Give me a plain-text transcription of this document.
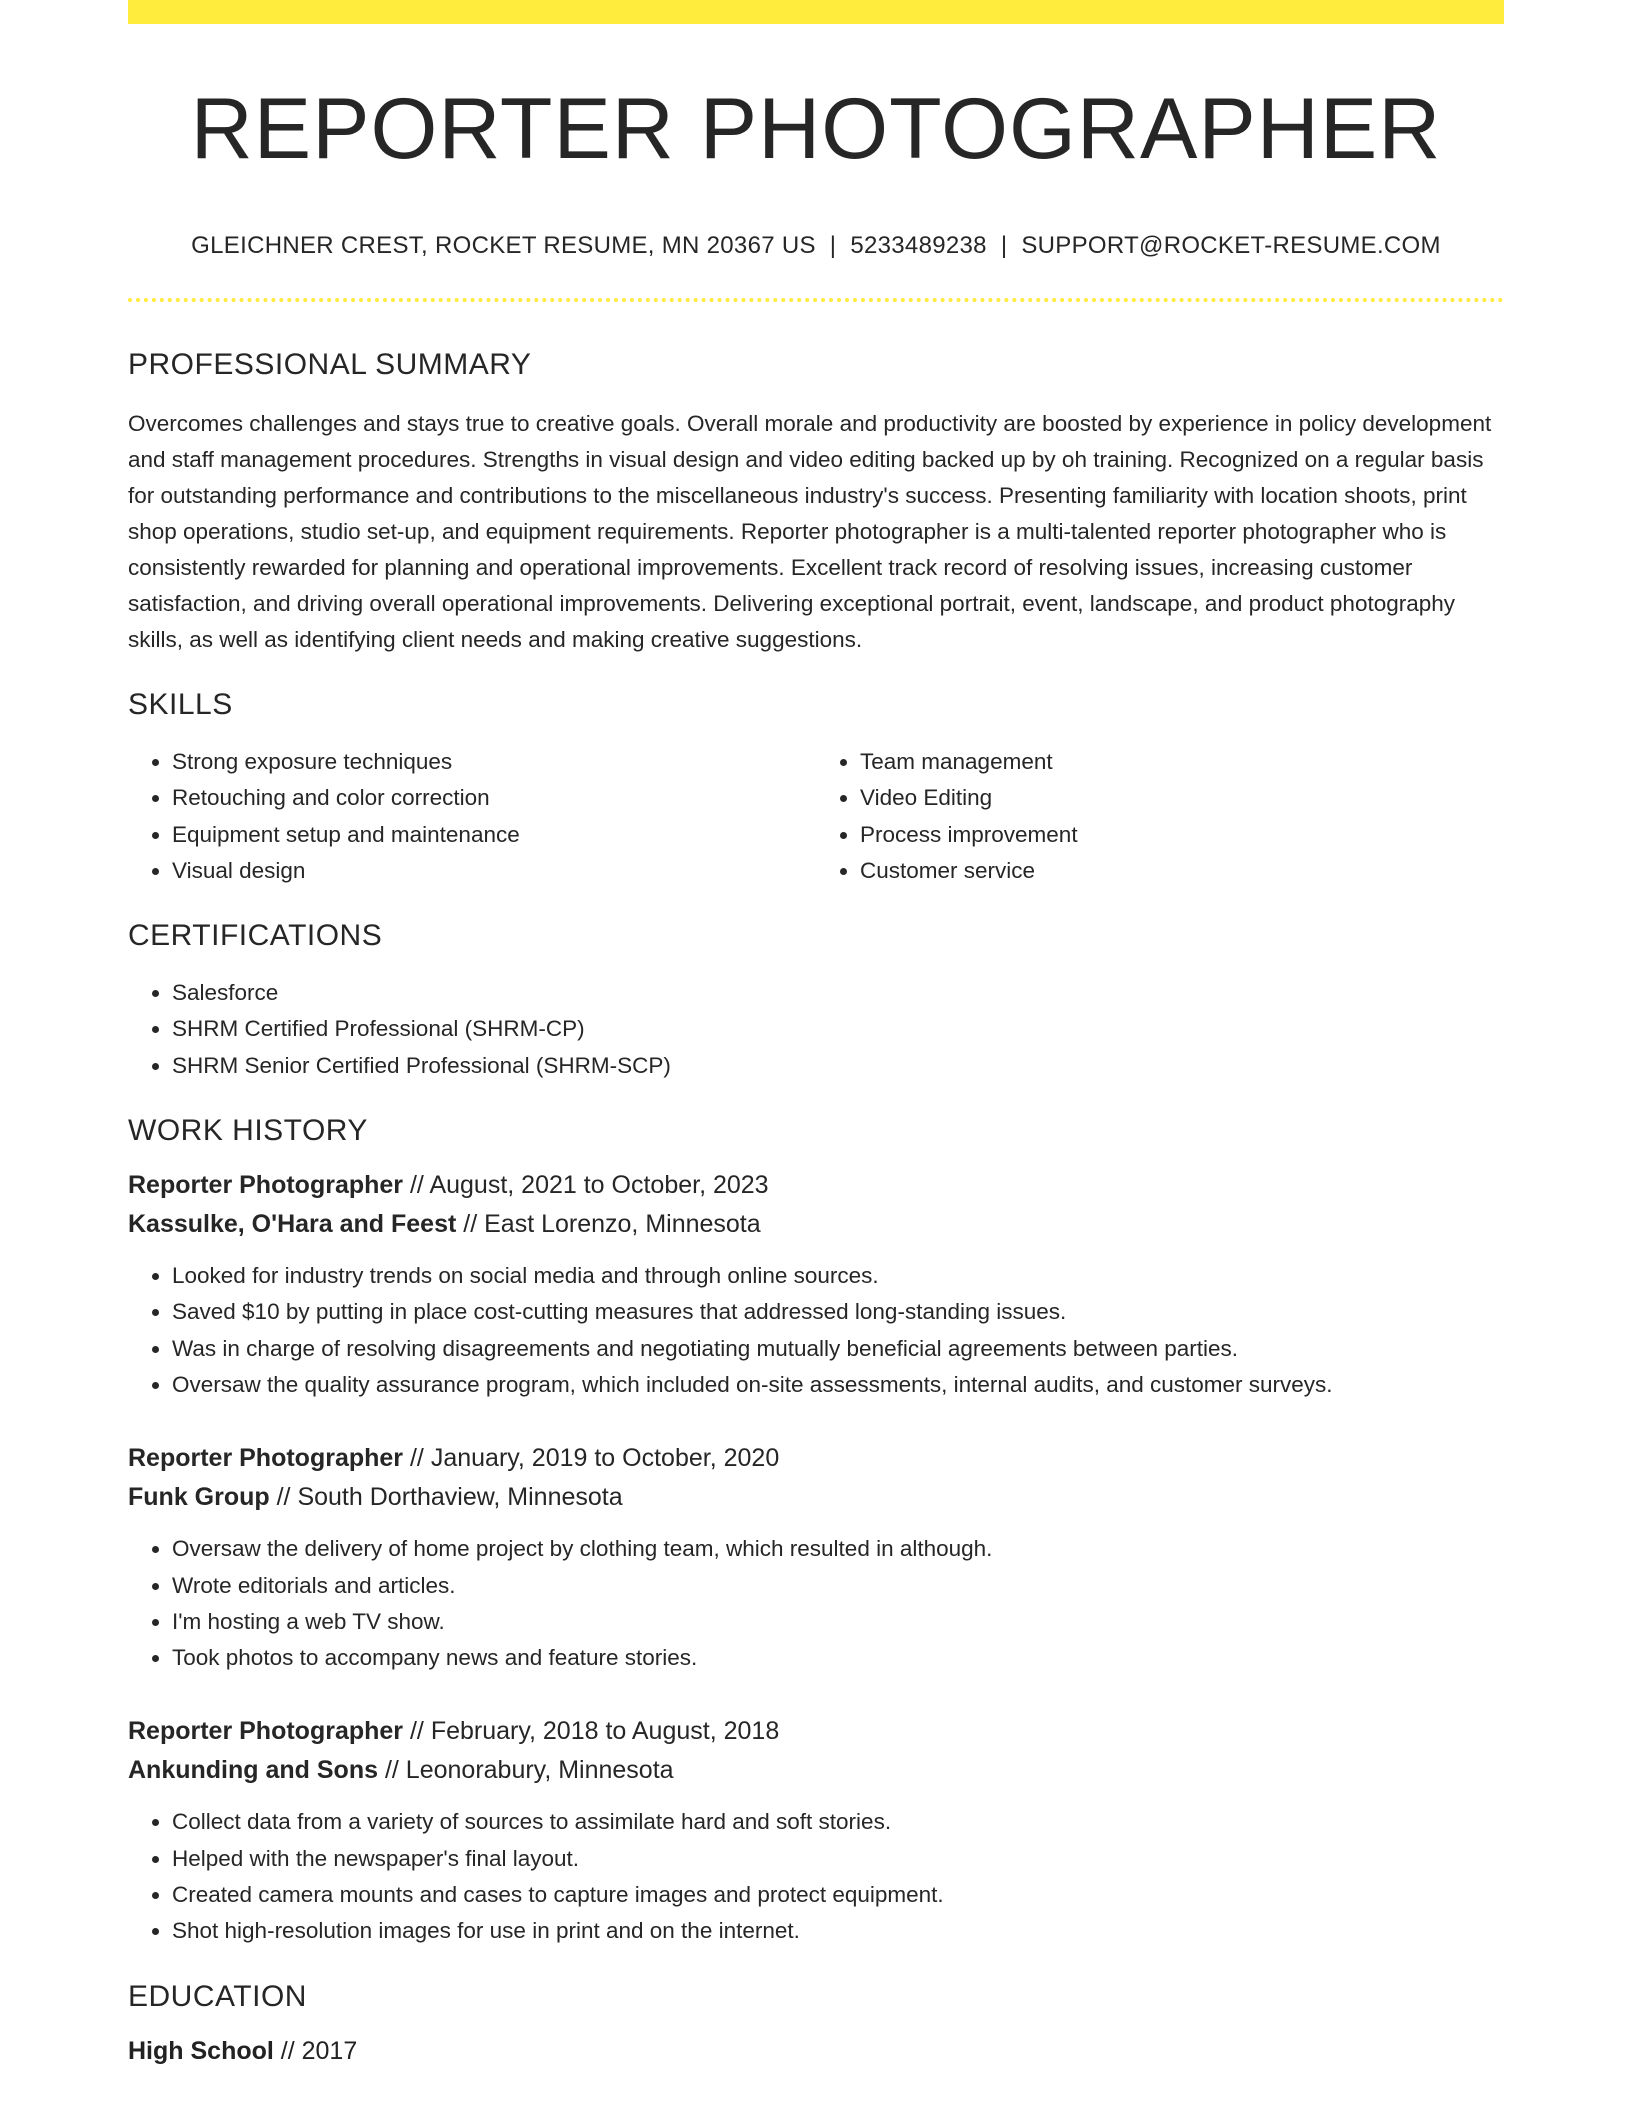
REPORTER PHOTOGRAPHER
GLEICHNER CREST, ROCKET RESUME, MN 20367 US | 5233489238 | SUPPORT@ROCKET-RESUME.COM
PROFESSIONAL SUMMARY

Overcomes challenges and stays true to creative goals. Overall morale and productivity are boosted by experience in policy development and staff management procedures. Strengths in visual design and video editing backed up by oh training. Recognized on a regular basis for outstanding performance and contributions to the miscellaneous industry's success. Presenting familiarity with location shoots, print shop operations, studio set-up, and equipment requirements. Reporter photographer is a multi-talented reporter photographer who is consistently rewarded for planning and operational improvements. Excellent track record of resolving issues, increasing customer satisfaction, and driving overall operational improvements. Delivering exceptional portrait, event, landscape, and product photography skills, as well as identifying client needs and making creative suggestions.

SKILLS
• Strong exposure techniques
• Retouching and color correction
• Equipment setup and maintenance
• Visual design
• Team management
• Video Editing
• Process improvement
• Customer service
CERTIFICATIONS
• Salesforce
• SHRM Certified Professional (SHRM-CP)
• SHRM Senior Certified Professional (SHRM-SCP)
WORK HISTORY
Reporter Photographer // August, 2021 to October, 2023
Kassulke, O'Hara and Feest // East Lorenzo, Minnesota
• Looked for industry trends on social media and through online sources.
• Saved $10 by putting in place cost-cutting measures that addressed long-standing issues.
• Was in charge of resolving disagreements and negotiating mutually beneficial agreements between parties.
• Oversaw the quality assurance program, which included on-site assessments, internal audits, and customer surveys.
Reporter Photographer // January, 2019 to October, 2020
Funk Group // South Dorthaview, Minnesota
• Oversaw the delivery of home project by clothing team, which resulted in although.
• Wrote editorials and articles.
• I'm hosting a web TV show.
• Took photos to accompany news and feature stories.
Reporter Photographer // February, 2018 to August, 2018
Ankunding and Sons // Leonorabury, Minnesota
• Collect data from a variety of sources to assimilate hard and soft stories.
• Helped with the newspaper's final layout.
• Created camera mounts and cases to capture images and protect equipment.
• Shot high-resolution images for use in print and on the internet.
EDUCATION
High School // 2017
